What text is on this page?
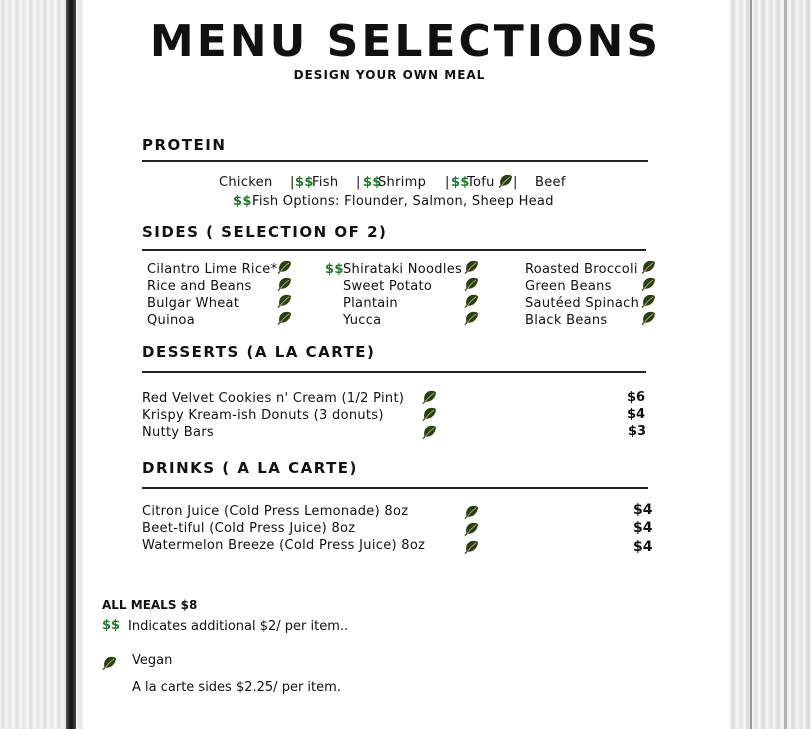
MENU SELECTIONS
DESIGN YOUR OWN MEAL
PROTEIN
Chicken | $$
Fish | $$
Shrimp | $$
Tofu | Beef
$$ Fish Options: Flounder, Salmon, Sheep Head
SIDES ( SELECTION OF 2)
Cilantro Lime Rice*
Rice and Beans
Bulgar Wheat
Quinoa
$$ Shirataki Noodles
Sweet Potato
Plantain
Yucca
Roasted Broccoli
Green Beans
Sautéed Spinach
Black Beans
DESSERTS (A LA CARTE)
Red Velvet Cookies n' Cream (1/2 Pint)
Krispy Kream-ish Donuts (3 donuts)
Nutty Bars
$6
$4
$3
DRINKS ( A LA CARTE)
Citron Juice (Cold Press Lemonade) 8oz
Beet-tiful (Cold Press Juice) 8oz
Watermelon Breeze (Cold Press Juice) 8oz
$4
$4
$4
ALL MEALS $8
$$ Indicates additional $2/ per item..
Vegan
A la carte sides $2.25/ per item.
